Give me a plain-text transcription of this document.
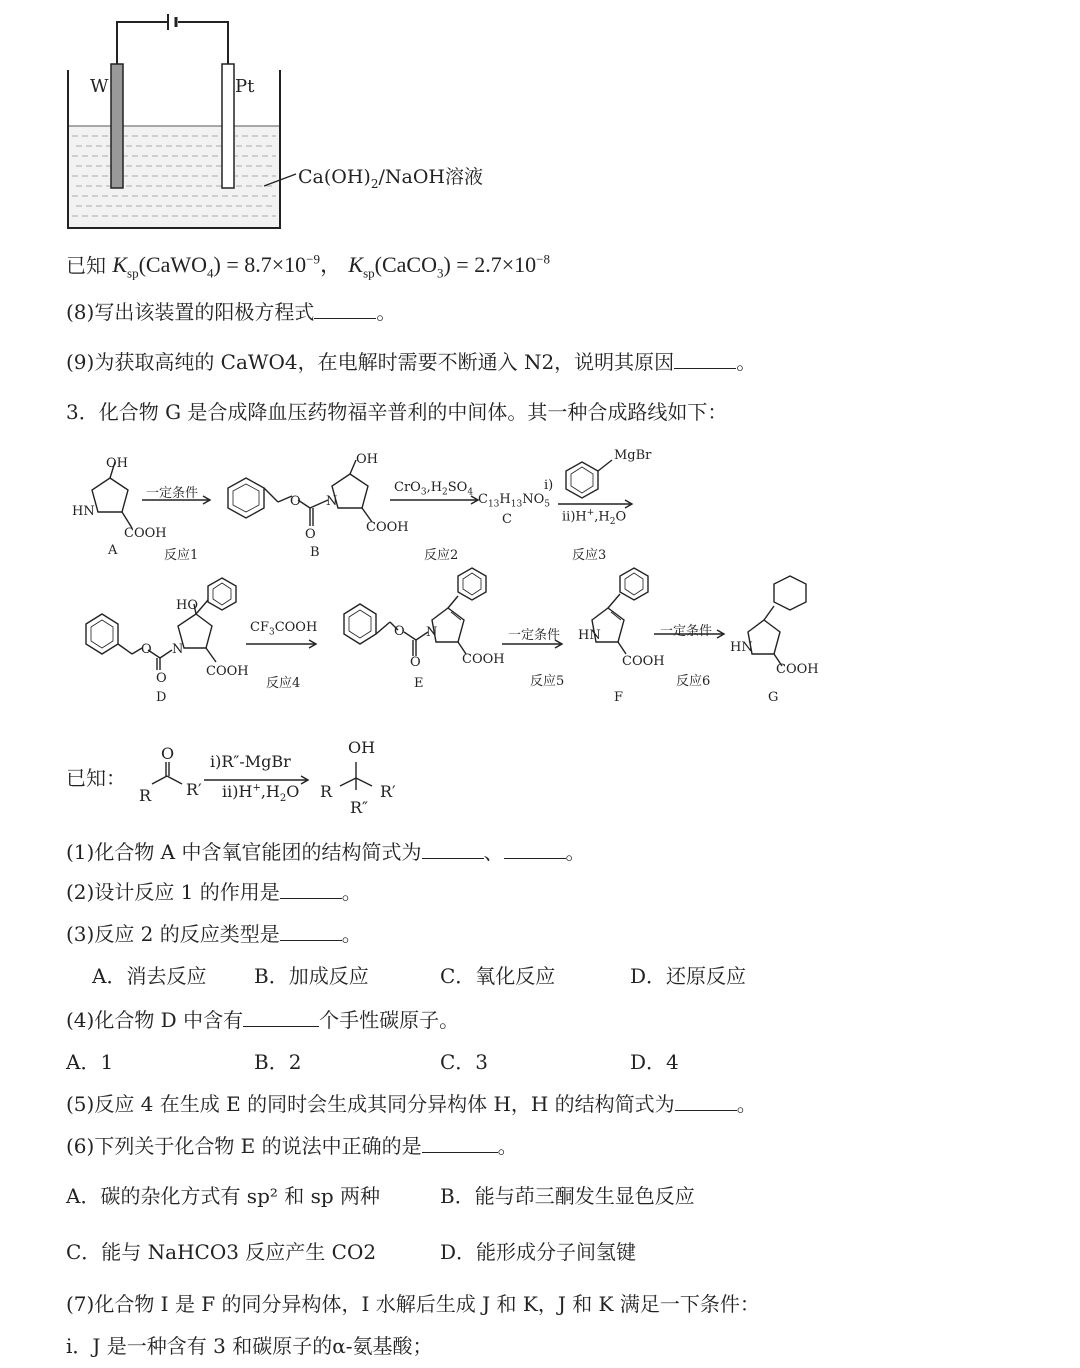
W	Pt
$Ca(OH)_2$/NaOH溶液
已知 $K_{sp}(CaWO_4) = 8.7\times 10^{-9}$， $K_{sp}(CaCO_3) = 2.7\times 10^{-8}$
(8)写出该装置的阳极方程式	。
(9)为获取高纯的 CaWO4，在电解时需要不断通入 N2，说明其原因	。
3．化合物 G 是合成降血压药物福辛普利的中间体。其一种合成路线如下：
OH
HN
COOH
A
一定条件
反应1
O
O
N
OH
COOH
B
$CrO_3,H_2SO_4$ $C_{13}H_{13}NO_5$
C
反应2
i)
MgBr
$ii)H^+,H_2O$
反应3
HO
O
O
N
COOH
D
$CF_3COOH$
反应4
O
O
N
COOH
E
一定条件
反应5
HN
COOH
F
一定条件
反应6
HN
COOH
G
已知：
O
R R′
i)R″-MgBr
$ii)H^+,H_2O$
OH
R	R′
R″
(1)化合物 A 中含氧官能团的结构简式为	、	。
(2)设计反应 1 的作用是	。
(3)反应 2 的反应类型是	。
A．消去反应 B．加成反应	C．氧化反应	D．还原反应
(4)化合物 D 中含有	个手性碳原子。
A．1	B．2	C．3	D．4
(5)反应 4 在生成 E 的同时会生成其同分异构体 H，H 的结构简式为	。
(6)下列关于化合物 E 的说法中正确的是	。
A．碳的杂化方式有 sp² 和 sp 两种	B．能与茚三酮发生显色反应
C．能与 NaHCO3 反应产生 CO2	D．能形成分子间氢键
(7)化合物 I 是 F 的同分异构体，I 水解后生成 J 和 K，J 和 K 满足一下条件：
i．J 是一种含有 3 和碳原子的α-氨基酸；
